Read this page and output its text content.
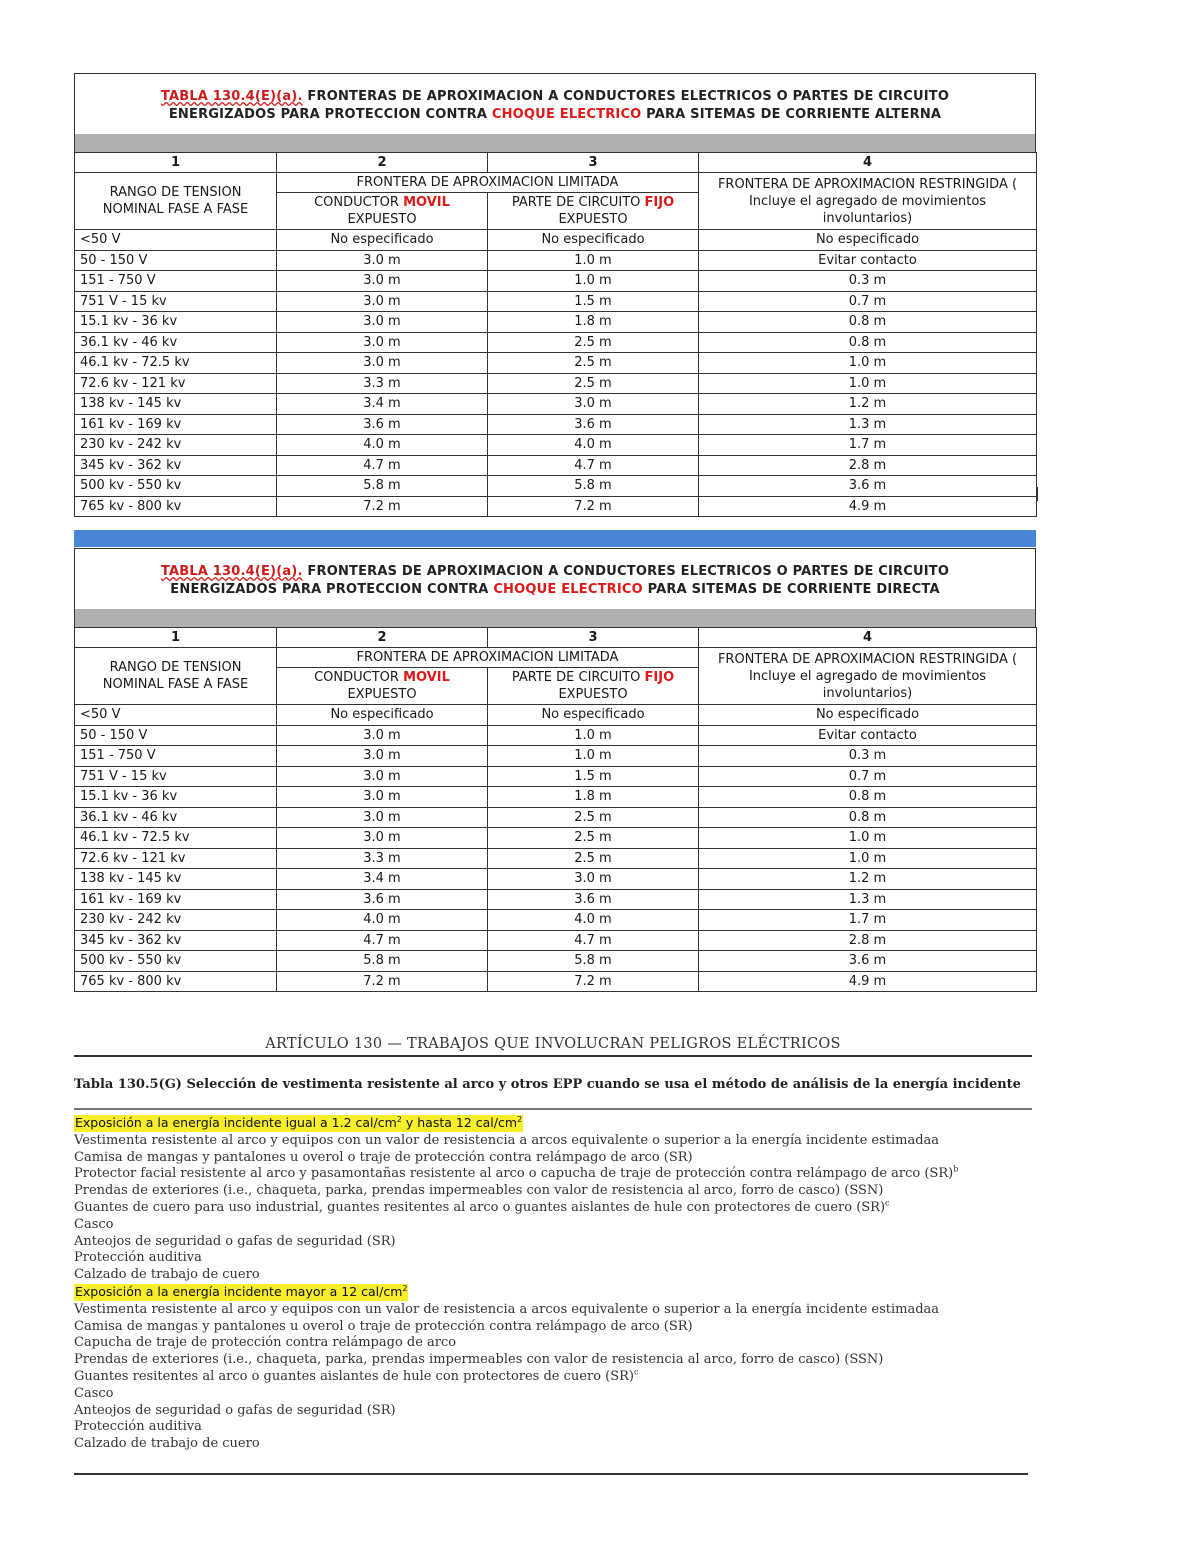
TABLA 130.4(E)(a). FRONTERAS DE APROXIMACION A CONDUCTORES ELECTRICOS O PARTES DE CIRCUITO
ENERGIZADOS PARA PROTECCION CONTRA CHOQUE ELECTRICO PARA SITEMAS DE CORRIENTE ALTERNA
1	2	3	4
RANGO DE TENSION NOMINAL FASE A FASE	FRONTERA DE APROXIMACION LIMITADA		FRONTERA DE APROXIMACION RESTRINGIDA ( Incluye el agregado de movimientos involuntarios)
	CONDUCTOR MOVIL EXPUESTO	PARTE DE CIRCUITO FIJO EXPUESTO	
<50 V	No especificado	No especificado	No especificado
50 - 150 V	3.0 m	1.0 m	Evitar contacto
151 - 750 V	3.0 m	1.0 m	0.3 m
751 V - 15 kv	3.0 m	1.5 m	0.7 m
15.1 kv - 36 kv	3.0 m	1.8 m	0.8 m
36.1 kv - 46 kv	3.0 m	2.5 m	0.8 m
46.1 kv - 72.5 kv	3.0 m	2.5 m	1.0 m
72.6 kv - 121 kv	3.3 m	2.5 m	1.0 m
138 kv - 145 kv	3.4 m	3.0 m	1.2 m
161 kv - 169 kv	3.6 m	3.6 m	1.3 m
230 kv - 242 kv	4.0 m	4.0 m	1.7 m
345 kv - 362 kv	4.7 m	4.7 m	2.8 m
500 kv - 550 kv	5.8 m	5.8 m	3.6 m
765 kv - 800 kv	7.2 m	7.2 m	4.9 m
TABLA 130.4(E)(a). FRONTERAS DE APROXIMACION A CONDUCTORES ELECTRICOS O PARTES DE CIRCUITO
ENERGIZADOS PARA PROTECCION CONTRA CHOQUE ELECTRICO PARA SITEMAS DE CORRIENTE DIRECTA
1	2	3	4
RANGO DE TENSION NOMINAL FASE A FASE	FRONTERA DE APROXIMACION LIMITADA		FRONTERA DE APROXIMACION RESTRINGIDA ( Incluye el agregado de movimientos involuntarios)
	CONDUCTOR MOVIL EXPUESTO	PARTE DE CIRCUITO FIJO EXPUESTO	
<50 V	No especificado	No especificado	No especificado
50 - 150 V	3.0 m	1.0 m	Evitar contacto
151 - 750 V	3.0 m	1.0 m	0.3 m
751 V - 15 kv	3.0 m	1.5 m	0.7 m
15.1 kv - 36 kv	3.0 m	1.8 m	0.8 m
36.1 kv - 46 kv	3.0 m	2.5 m	0.8 m
46.1 kv - 72.5 kv	3.0 m	2.5 m	1.0 m
72.6 kv - 121 kv	3.3 m	2.5 m	1.0 m
138 kv - 145 kv	3.4 m	3.0 m	1.2 m
161 kv - 169 kv	3.6 m	3.6 m	1.3 m
230 kv - 242 kv	4.0 m	4.0 m	1.7 m
345 kv - 362 kv	4.7 m	4.7 m	2.8 m
500 kv - 550 kv	5.8 m	5.8 m	3.6 m
765 kv - 800 kv	7.2 m	7.2 m	4.9 m
ARTÍCULO 130 — TRABAJOS QUE INVOLUCRAN PELIGROS ELÉCTRICOS
Tabla 130.5(G) Selección de vestimenta resistente al arco y otros EPP cuando se usa el método de análisis de la energía incidente
Exposición a la energía incidente igual a 1.2 cal/$cm^2$ y hasta 12 cal/$cm^2$
Vestimenta resistente al arco y equipos con un valor de resistencia a arcos equivalente o superior a la energía incidente estimadaa
Camisa de mangas y pantalones u overol o traje de protección contra relámpago de arco (SR)
Protector facial resistente al arco y pasamontañas resistente al arco o capucha de traje de protección contra relámpago de arco (SR)$^b$
Prendas de exteriores (i.e., chaqueta, parka, prendas impermeables con valor de resistencia al arco, forro de casco) (SSN)
Guantes de cuero para uso industrial, guantes resitentes al arco o guantes aislantes de hule con protectores de cuero (SR)$^c$
Casco
Anteojos de seguridad o gafas de seguridad (SR)
Protección auditiva
Calzado de trabajo de cuero
Exposición a la energía incidente mayor a 12 cal/$cm^2$
Vestimenta resistente al arco y equipos con un valor de resistencia a arcos equivalente o superior a la energía incidente estimadaa
Camisa de mangas y pantalones u overol o traje de protección contra relámpago de arco (SR)
Capucha de traje de protección contra relámpago de arco
Prendas de exteriores (i.e., chaqueta, parka, prendas impermeables con valor de resistencia al arco, forro de casco) (SSN)
Guantes resitentes al arco o guantes aislantes de hule con protectores de cuero (SR)$^c$
Casco
Anteojos de seguridad o gafas de seguridad (SR)
Protección auditiva
Calzado de trabajo de cuero
